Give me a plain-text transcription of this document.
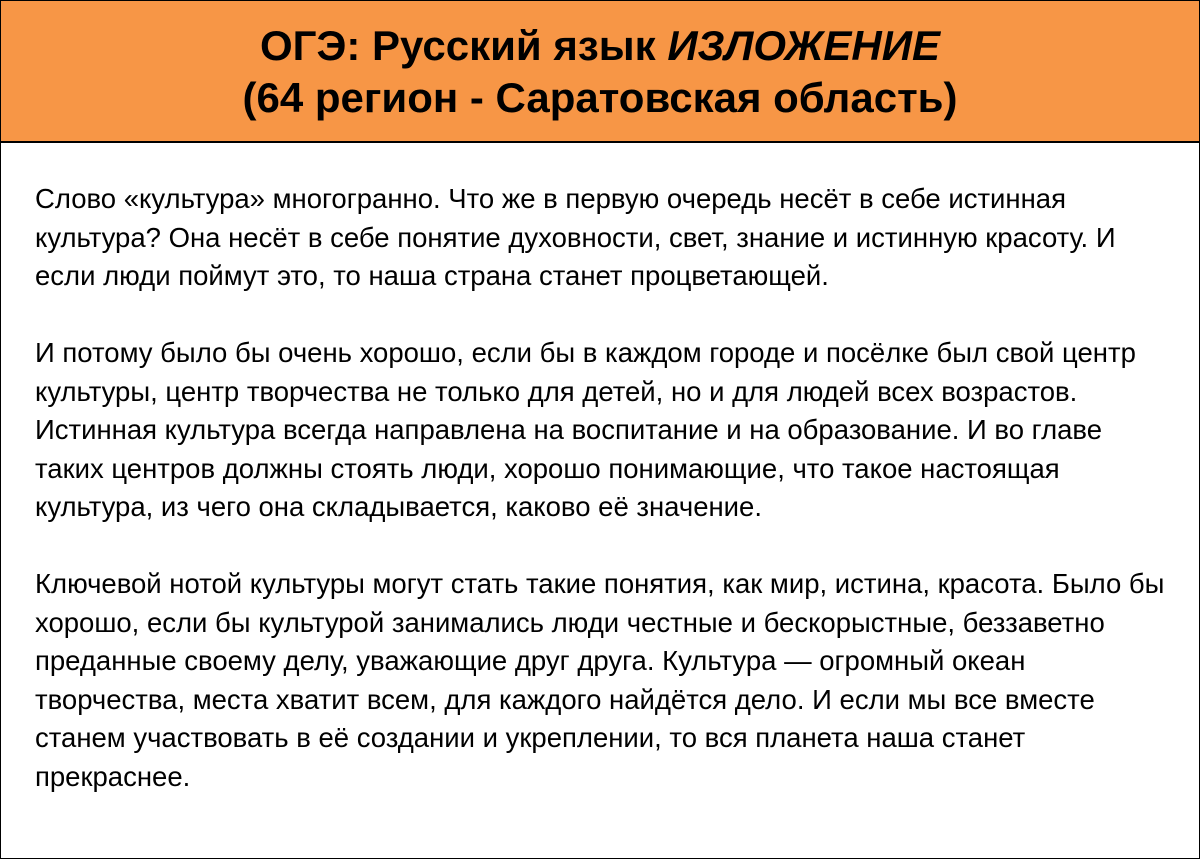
ОГЭ: Русский язык ИЗЛОЖЕНИЕ
(64 регион - Саратовская область)

Слово «культура» многогранно. Что же в первую очередь несёт в себе истинная культура? Она несёт в себе понятие духовности, свет, знание и истинную красоту. И если люди поймут это, то наша страна станет процветающей.

И потому было бы очень хорошо, если бы в каждом городе и посёлке был свой центр культуры, центр творчества не только для детей, но и для людей всех возрастов. Истинная культура всегда направлена на воспитание и на образование. И во главе таких центров должны стоять люди, хорошо понимающие, что такое настоящая культура, из чего она складывается, каково её значение.

Ключевой нотой культуры могут стать такие понятия, как мир, истина, красота. Было бы хорошо, если бы культурой занимались люди честные и бескорыстные, беззаветно преданные своему делу, уважающие друг друга. Культура — огромный океан творчества, места хватит всем, для каждого найдётся дело. И если мы все вместе станем участвовать в её создании и укреплении, то вся планета наша станет прекраснее.
